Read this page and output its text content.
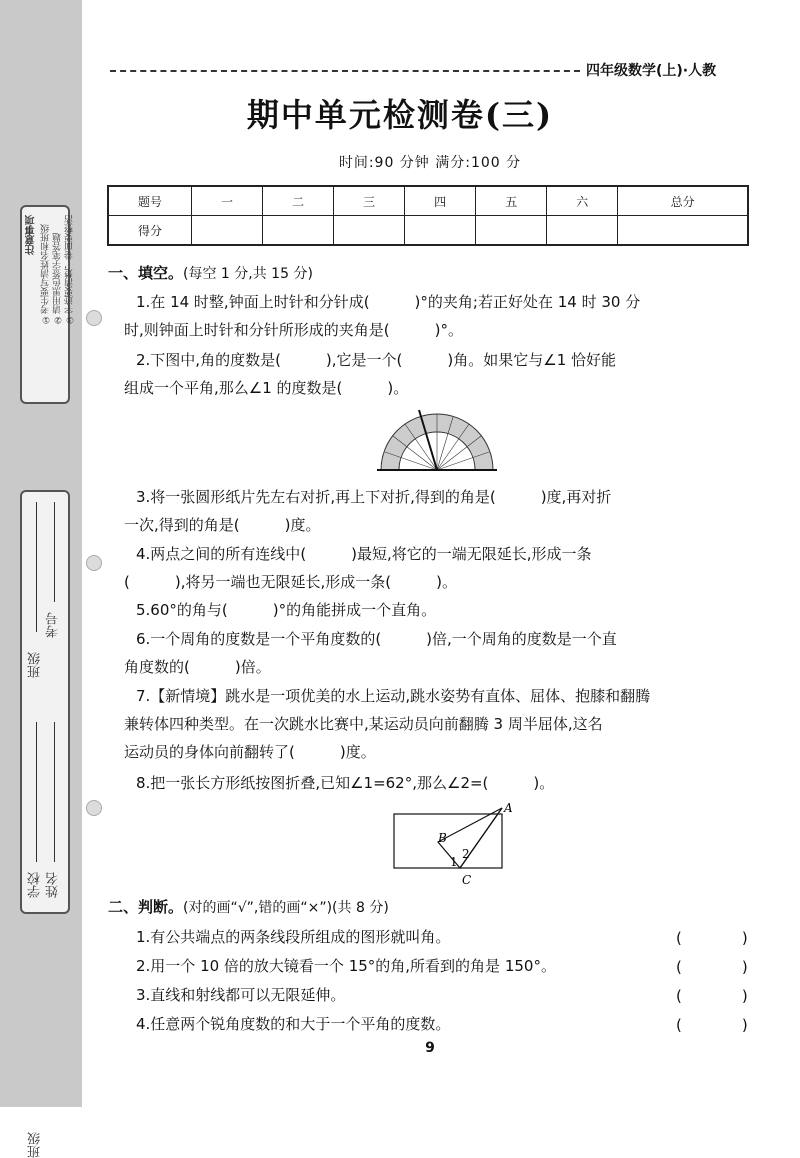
注意事项 ①考生要写清姓名和班级
②请用黑色签字笔答题
③字迹要清楚，卷面要整洁
班级
班级
考号
学校 姓名
四年级数学(上)·人教
期中单元检测卷(三)
时间:90 分钟 满分:100 分
题号	一	二	三	四	五	六	总分
得分							
一、填空。(每空 1 分,共 15 分)
1.在 14 时整,钟面上时针和分针成(　　　)°的夹角;若正好处在 14 时 30 分
时,则钟面上时针和分针所形成的夹角是(　　　)°。
2.下图中,角的度数是(　　　),它是一个(　　　)角。如果它与∠1 恰好能
组成一个平角,那么∠1 的度数是(　　　)。
3.将一张圆形纸片先左右对折,再上下对折,得到的角是(　　　)度,再对折
一次,得到的角是(　　　)度。
4.两点之间的所有连线中(　　　)最短,将它的一端无限延长,形成一条
(　　　),将另一端也无限延长,形成一条(　　　)。
5.60°的角与(　　　)°的角能拼成一个直角。
6.一个周角的度数是一个平角度数的(　　　)倍,一个周角的度数是一个直
角度数的(　　　)倍。
7.【新情境】跳水是一项优美的水上运动,跳水姿势有直体、屈体、抱膝和翻腾
兼转体四种类型。在一次跳水比赛中,某运动员向前翻腾 3 周半屈体,这名
运动员的身体向前翻转了(　　　)度。
8.把一张长方形纸按图折叠,已知∠1=62°,那么∠2=(　　　)。
A
B
C
1
2
二、判断。(对的画“√”,错的画“×”)(共 8 分)
1.有公共端点的两条线段所组成的图形就叫角。	(　　　　)
2.用一个 10 倍的放大镜看一个 15°的角,所看到的角是 150°。	(　　　　)
3.直线和射线都可以无限延伸。	(　　　　)
4.任意两个锐角度数的和大于一个平角的度数。	(　　　　)
9
